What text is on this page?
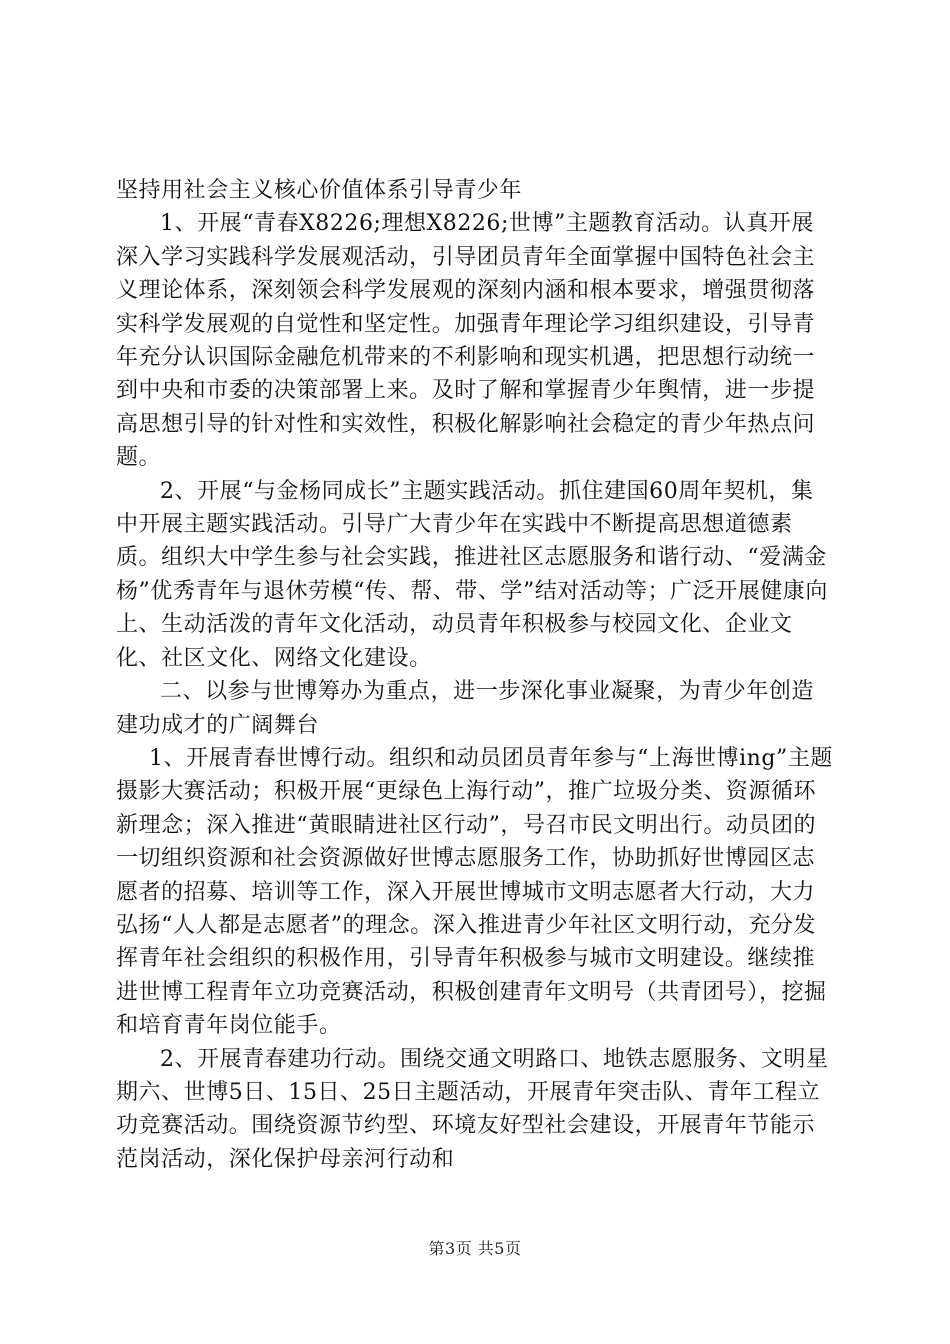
坚持用社会主义核心价值体系引导青少年

1、开展“青春X8226;理想X8226;世博”主题教育活动。认真开展深入学习实践科学发展观活动，引导团员青年全面掌握中国特色社会主义理论体系，深刻领会科学发展观的深刻内涵和根本要求，增强贯彻落实科学发展观的自觉性和坚定性。加强青年理论学习组织建设，引导青年充分认识国际金融危机带来的不利影响和现实机遇，把思想行动统一到中央和市委的决策部署上来。及时了解和掌握青少年舆情，进一步提高思想引导的针对性和实效性，积极化解影响社会稳定的青少年热点问题。

2、开展“与金杨同成长”主题实践活动。抓住建国60周年契机，集中开展主题实践活动。引导广大青少年在实践中不断提高思想道德素质。组织大中学生参与社会实践，推进社区志愿服务和谐行动、“爱满金杨”优秀青年与退休劳模“传、帮、带、学”结对活动等；广泛开展健康向上、生动活泼的青年文化活动，动员青年积极参与校园文化、企业文化、社区文化、网络文化建设。

二、以参与世博筹办为重点，进一步深化事业凝聚，为青少年创造建功成才的广阔舞台

1、开展青春世博行动。组织和动员团员青年参与“上海世博ing”主题摄影大赛活动；积极开展“更绿色上海行动”，推广垃圾分类、资源循环新理念；深入推进“黄眼睛进社区行动”，号召市民文明出行。动员团的一切组织资源和社会资源做好世博志愿服务工作，协助抓好世博园区志愿者的招募、培训等工作，深入开展世博城市文明志愿者大行动，大力弘扬“人人都是志愿者”的理念。深入推进青少年社区文明行动，充分发挥青年社会组织的积极作用，引导青年积极参与城市文明建设。继续推进世博工程青年立功竞赛活动，积极创建青年文明号（共青团号），挖掘和培育青年岗位能手。

2、开展青春建功行动。围绕交通文明路口、地铁志愿服务、文明星期六、世博5日、15日、25日主题活动，开展青年突击队、青年工程立功竞赛活动。围绕资源节约型、环境友好型社会建设，开展青年节能示范岗活动，深化保护母亲河行动和

第3页 共5页
